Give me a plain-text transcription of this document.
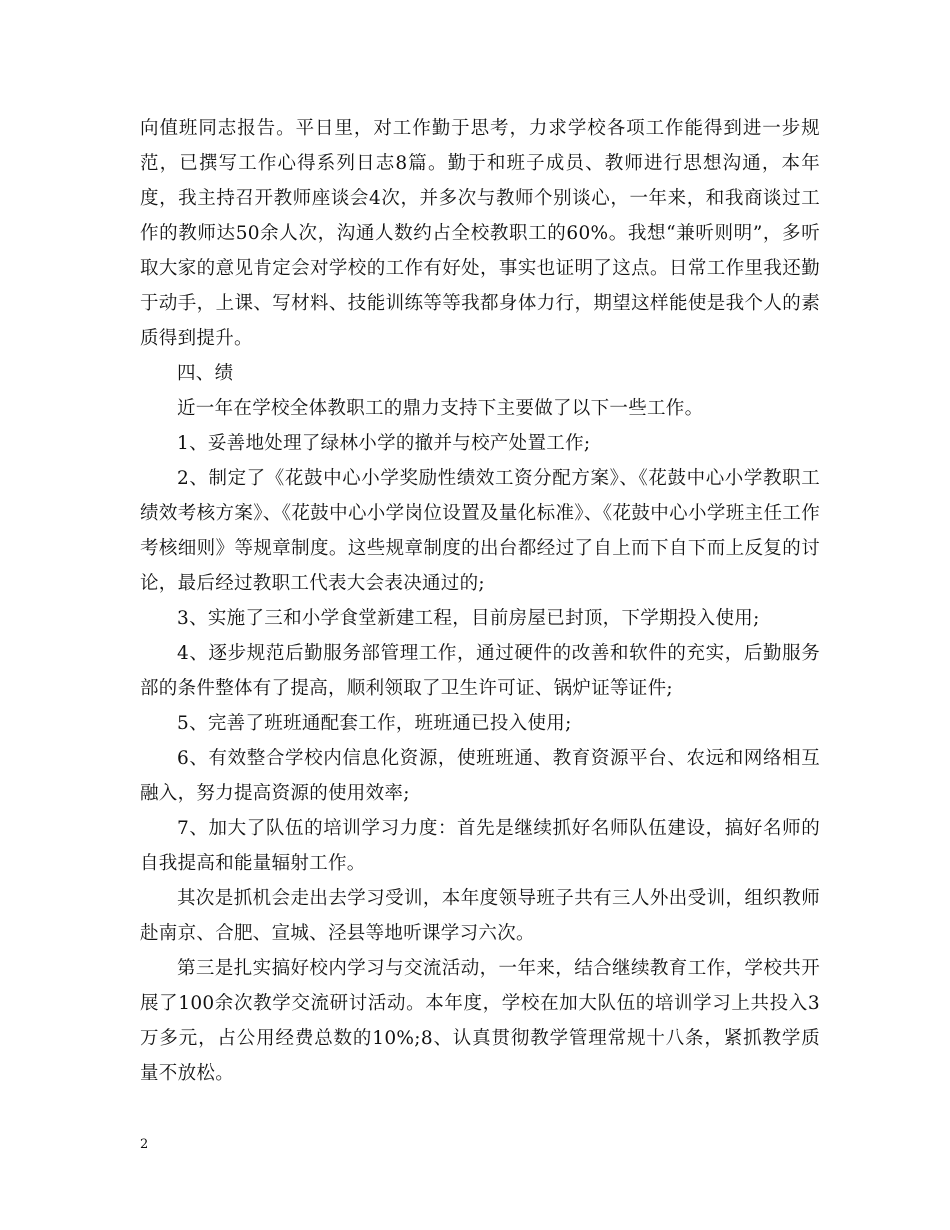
向值班同志报告。平日里，对工作勤于思考，力求学校各项工作能得到进一步规范，已撰写工作心得系列日志8篇。勤于和班子成员、教师进行思想沟通，本年度，我主持召开教师座谈会4次，并多次与教师个别谈心，一年来，和我商谈过工作的教师达50余人次，沟通人数约占全校教职工的60%。我想“兼听则明”，多听取大家的意见肯定会对学校的工作有好处，事实也证明了这点。日常工作里我还勤于动手，上课、写材料、技能训练等等我都身体力行，期望这样能使是我个人的素质得到提升。

四、绩

近一年在学校全体教职工的鼎力支持下主要做了以下一些工作。

1、妥善地处理了绿林小学的撤并与校产处置工作;

2、制定了《花鼓中心小学奖励性绩效工资分配方案》、《花鼓中心小学教职工绩效考核方案》、《花鼓中心小学岗位设置及量化标准》、《花鼓中心小学班主任工作考核细则》等规章制度。这些规章制度的出台都经过了自上而下自下而上反复的讨论，最后经过教职工代表大会表决通过的;

3、实施了三和小学食堂新建工程，目前房屋已封顶，下学期投入使用;

4、逐步规范后勤服务部管理工作，通过硬件的改善和软件的充实，后勤服务部的条件整体有了提高，顺利领取了卫生许可证、锅炉证等证件;

5、完善了班班通配套工作，班班通已投入使用;

6、有效整合学校内信息化资源，使班班通、教育资源平台、农远和网络相互融入，努力提高资源的使用效率;

7、加大了队伍的培训学习力度：首先是继续抓好名师队伍建设，搞好名师的自我提高和能量辐射工作。

其次是抓机会走出去学习受训，本年度领导班子共有三人外出受训，组织教师赴南京、合肥、宣城、泾县等地听课学习六次。

第三是扎实搞好校内学习与交流活动，一年来，结合继续教育工作，学校共开展了100余次教学交流研讨活动。本年度，学校在加大队伍的培训学习上共投入3万多元，占公用经费总数的10%;8、认真贯彻教学管理常规十八条，紧抓教学质量不放松。

2
